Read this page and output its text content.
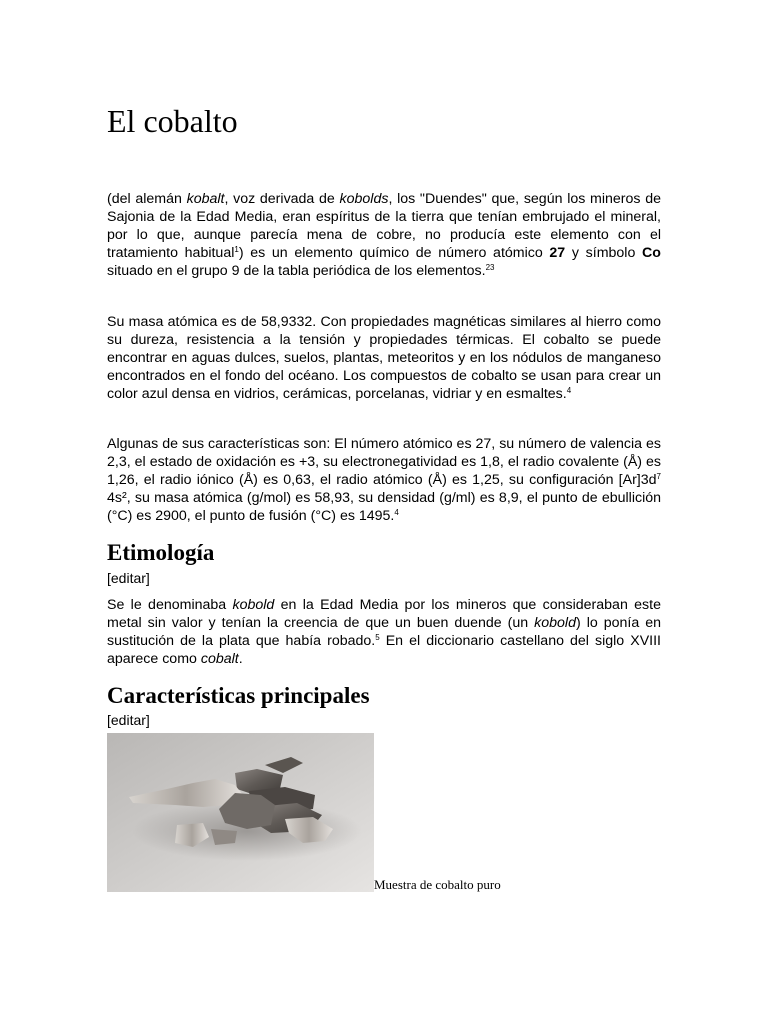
El cobalto

(del alemán kobalt, voz derivada de kobolds, los "Duendes" que, según los mineros de Sajonia de la Edad Media, eran espíritus de la tierra que tenían embrujado el mineral, por lo que, aunque parecía mena de cobre, no producía este elemento con el tratamiento habitual$^1$) es un elemento químico de número atómico 27 y símbolo Co situado en el grupo 9 de la tabla periódica de los elementos.$^{23}$

Su masa atómica es de 58,9332. Con propiedades magnéticas similares al hierro como su dureza, resistencia a la tensión y propiedades térmicas. El cobalto se puede encontrar en aguas dulces, suelos, plantas, meteoritos y en los nódulos de manganeso encontrados en el fondo del océano. Los compuestos de cobalto se usan para crear un color azul densa en vidrios, cerámicas, porcelanas, vidriar y en esmaltes.$^4$

Algunas de sus características son: El número atómico es 27, su número de valencia es 2,3, el estado de oxidación es +3, su electronegatividad es 1,8, el radio covalente (Å) es 1,26, el radio iónico (Å) es 0,63, el radio atómico (Å) es 1,25, su configuración $[Ar]3d^7$ 4s², su masa atómica (g/mol) es 58,93, su densidad (g/ml) es 8,9, el punto de ebullición (°C) es 2900, el punto de fusión (°C) es 1495.$^4$

Etimología

[editar]

Se le denominaba kobold en la Edad Media por los mineros que consideraban este metal sin valor y tenían la creencia de que un buen duende (un kobold) lo ponía en sustitución de la plata que había robado.$^5$ En el diccionario castellano del siglo XVIII aparece como cobalt.

Características principales

[editar]

Muestra de cobalto puro
